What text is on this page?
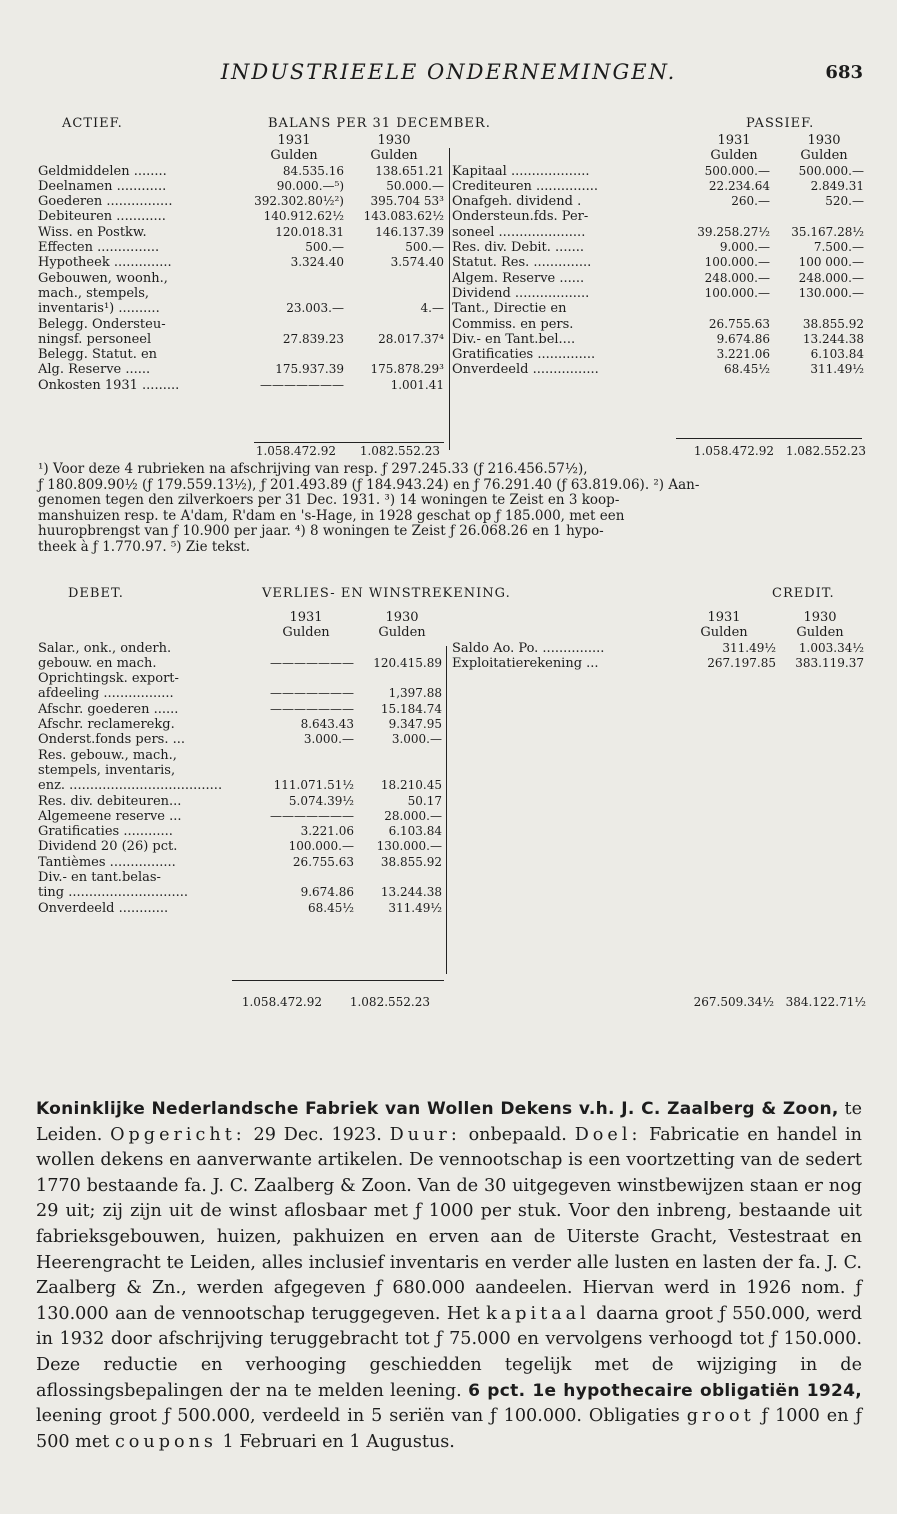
INDUSTRIEELE ONDERNEMINGEN.	683
ACTIEF.	BALANS PER 31 DECEMBER.	PASSIEF.
1931	1930
Gulden	Gulden
Geldmiddelen ........	84.535.16	138.651.21
Deelnamen ............	90.000.—⁵)	50.000.—
Goederen ................	392.302.80½²)	395.704 53³
Debiteuren ............	140.912.62½	143.083.62½
Wiss. en Postkw.	120.018.31	146.137.39
Effecten ...............	500.—	500.—
Hypotheek ..............	3.324.40	3.574.40
Gebouwen, woonh.,
mach., stempels,
inventaris¹) ..........	23.003.—	4.—
Belegg. Ondersteu-
ningsf. personeel	27.839.23	28.017.37⁴
Belegg. Statut. en
Alg. Reserve ......	175.937.39	175.878.29³
Onkosten 1931 .........	———————	1.001.41
1931	1930
Gulden	Gulden
Kapitaal ...................	500.000.—	500.000.—
Crediteuren ...............	22.234.64	2.849.31
Onafgeh. dividend .	260.—	520.—
Ondersteun.fds. Per-
soneel .....................	39.258.27½	35.167.28½
Res. div. Debit. .......	9.000.—	7.500.—
Statut. Res. ..............	100.000.—	100 000.—
Algem. Reserve ......	248.000.—	248.000.—
Dividend ..................	100.000.—	130.000.—
Tant., Directie en
Commiss. en pers.	26.755.63	38.855.92
Div.- en Tant.bel....	9.674.86	13.244.38
Gratificaties ..............	3.221.06	6.103.84
Onverdeeld ................	68.45½	311.49½
1.058.472.92	1.082.552.23	1.058.472.92 1.082.552.23
¹) Voor deze 4 rubrieken na afschrijving van resp. ƒ 297.245.33 (ƒ 216.456.57½),
ƒ 180.809.90½ (ƒ 179.559.13½), ƒ 201.493.89 (ƒ 184.943.24) en ƒ 76.291.40 (ƒ 63.819.06). ²) Aan-
genomen tegen den zilverkoers per 31 Dec. 1931. ³) 14 woningen te Zeist en 3 koop-
manshuizen resp. te A'dam, R'dam en 's-Hage, in 1928 geschat op ƒ 185.000, met een
huuropbrengst van ƒ 10.900 per jaar. ⁴) 8 woningen te Zeist ƒ 26.068.26 en 1 hypo-
theek à ƒ 1.770.97. ⁵) Zie tekst.
DEBET.	VERLIES- EN WINSTREKENING.	CREDIT.
1931	1930
Gulden	Gulden
Salar., onk., onderh.
gebouw. en mach.	———————	120.415.89
Oprichtingsk. export-
afdeeling .................	———————	1,397.88
Afschr. goederen ......	———————	15.184.74
Afschr. reclamerekg.	8.643.43	9.347.95
Onderst.fonds pers. ...	3.000.—	3.000.—
Res. gebouw., mach.,
stempels, inventaris,
enz. .....................................	111.071.51½	18.210.45
Res. div. debiteuren...	5.074.39½	50.17
Algemeene reserve ...	———————	28.000.—
Gratificaties ............	3.221.06	6.103.84
Dividend 20 (26) pct.	100.000.—	130.000.—
Tantièmes ................	26.755.63	38.855.92
Div.- en tant.belas-
ting .............................	9.674.86	13.244.38
Onverdeeld ............	68.45½	311.49½
1931	1930
Gulden	Gulden
Saldo Ao. Po. ...............	311.49½	1.003.34½
Exploitatierekening ...	267.197.85	383.119.37
1.058.472.92	1.082.552.23	267.509.34½ 384.122.71½
Koninklijke Nederlandsche Fabriek van Wollen Dekens v.h. J. C. Zaalberg & Zoon, te Leiden. Opgericht: 29 Dec. 1923. Duur: onbepaald. Doel: Fabricatie en handel in wollen dekens en aanverwante artikelen. De vennootschap is een voortzetting van de sedert 1770 bestaande fa. J. C. Zaalberg & Zoon. Van de 30 uitgegeven winstbewijzen staan er nog 29 uit; zij zijn uit de winst aflosbaar met ƒ 1000 per stuk. Voor den inbreng, bestaande uit fabrieksgebouwen, huizen, pakhuizen en erven aan de Uiterste Gracht, Vestestraat en Heerengracht te Leiden, alles inclusief inventaris en verder alle lusten en lasten der fa. J. C. Zaalberg & Zn., werden afgegeven ƒ 680.000 aandeelen. Hiervan werd in 1926 nom. ƒ 130.000 aan de vennootschap teruggegeven. Het kapitaal daarna groot ƒ 550.000, werd in 1932 door afschrijving teruggebracht tot ƒ 75.000 en vervolgens verhoogd tot ƒ 150.000. Deze reductie en verhooging geschiedden tegelijk met de wijziging in de aflossingsbepalingen der na te melden leening. 6 pct. 1e hypothecaire obligatiën 1924, leening groot ƒ 500.000, verdeeld in 5 seriën van ƒ 100.000. Obligaties groot ƒ 1000 en ƒ 500 met coupons 1 Februari en 1 Augustus.
